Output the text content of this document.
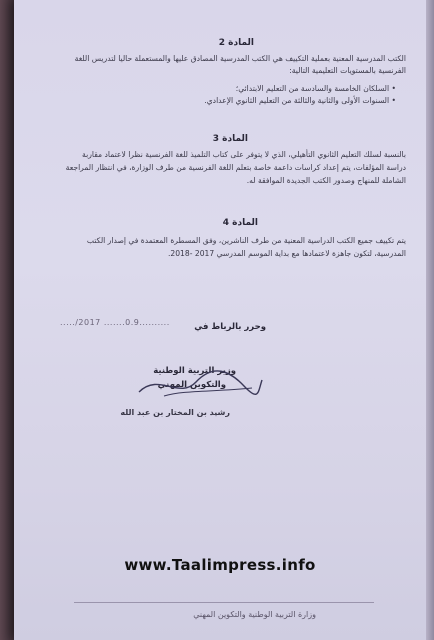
المادة 2
الكتب المدرسية المعنية بعملية التكييف هي الكتب المدرسية المصادق عليها والمستعملة حاليا لتدريس اللغة
الفرنسية بالمستويات التعليمية التالية:
• السلكان الخامسة والسادسة من التعليم الابتدائي؛
• السنوات الأولى والثانية والثالثة من التعليم الثانوي الإعدادي.
المادة 3
بالنسبة لسلك التعليم الثانوي التأهيلي، الذي لا يتوفر على كتاب التلميذ للغة الفرنسية نظرا لاعتماد مقاربة
دراسة المؤلفات، يتم إعداد كراسات داعمة خاصة بتعلم اللغة الفرنسية من طرف الوزارة، في انتظار المراجعة
الشاملة للمنهاج وصدور الكتب الجديدة الموافقة له.
المادة 4
يتم تكييف جميع الكتب الدراسية المعنية من طرف الناشرين، وفق المسطرة المعتمدة في إصدار الكتب
المدرسية، لتكون جاهزة لاعتمادها مع بداية الموسم المدرسي 2017 -2018.
وحرر بالرباط في
...../2017 .......0.9..........
وزير التربية الوطنية
والتكوين المهني
رشيد بن المختار بن عبد الله
www.Taalimpress.info
وزارة التربية الوطنية والتكوين المهني
